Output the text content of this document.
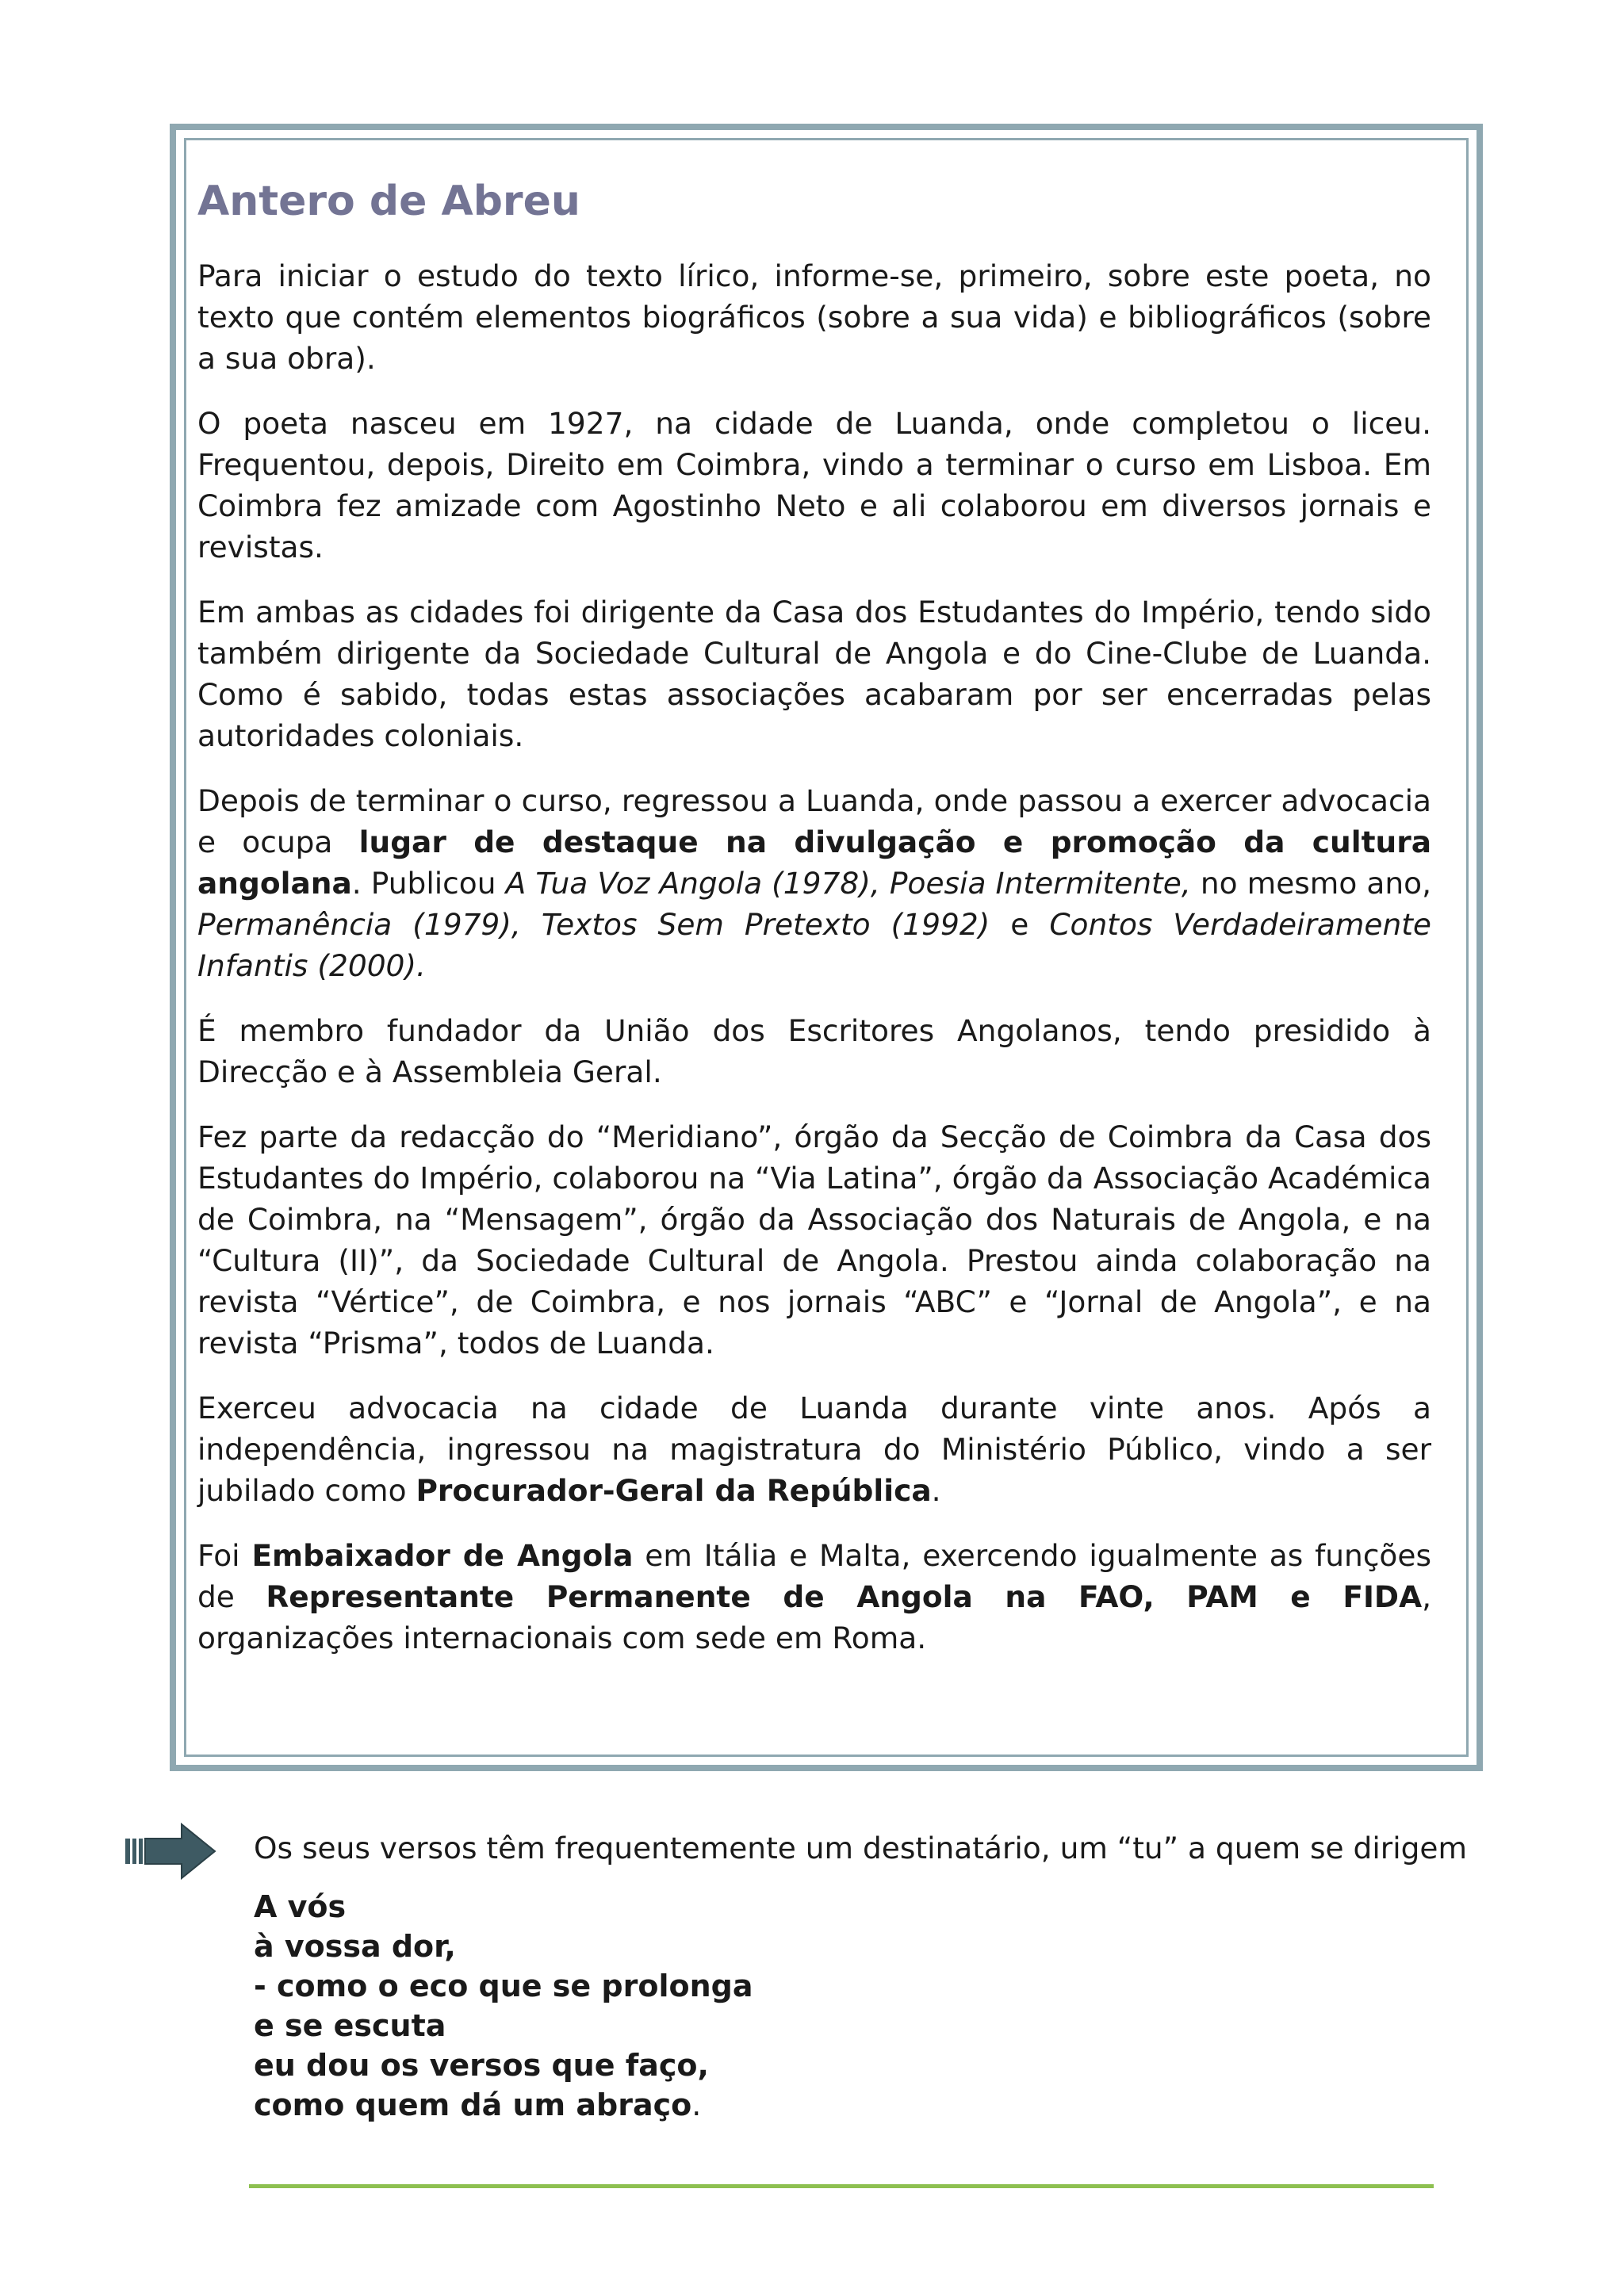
Antero de Abreu

Para iniciar o estudo do texto lírico, informe-se, primeiro, sobre este poeta, no texto que contém elementos biográficos (sobre a sua vida) e bibliográficos (sobre a sua obra).

O poeta nasceu em 1927, na cidade de Luanda, onde completou o liceu. Frequentou, depois, Direito em Coimbra, vindo a terminar o curso em Lisboa. Em Coimbra fez amizade com Agostinho Neto e ali colaborou em diversos jornais e revistas.

Em ambas as cidades foi dirigente da Casa dos Estudantes do Império, tendo sido também dirigente da Sociedade Cultural de Angola e do Cine-Clube de Luanda. Como é sabido, todas estas associações acabaram por ser encerradas pelas autoridades coloniais.

Depois de terminar o curso, regressou a Luanda, onde passou a exercer advocacia e ocupa lugar de destaque na divulgação e promoção da cultura angolana. Publicou A Tua Voz Angola (1978), Poesia Intermitente, no mesmo ano, Permanência (1979), Textos Sem Pretexto (1992) e Contos Verdadeiramente Infantis (2000).

É membro fundador da União dos Escritores Angolanos, tendo presidido à Direcção e à Assembleia Geral.

Fez parte da redacção do “Meridiano”, órgão da Secção de Coimbra da Casa dos Estudantes do Império, colaborou na “Via Latina”, órgão da Associação Académica de Coimbra, na “Mensagem”, órgão da Associação dos Naturais de Angola, e na “Cultura (II)”, da Sociedade Cultural de Angola. Prestou ainda colaboração na revista “Vértice”, de Coimbra, e nos jornais “ABC” e “Jornal de Angola”, e na revista “Prisma”, todos de Luanda.

Exerceu advocacia na cidade de Luanda durante vinte anos. Após a independência, ingressou na magistratura do Ministério Público, vindo a ser jubilado como Procurador-Geral da República.

Foi Embaixador de Angola em Itália e Malta, exercendo igualmente as funções de Representante Permanente de Angola na FAO, PAM e FIDA, organizações internacionais com sede em Roma.

Os seus versos têm frequentemente um destinatário, um “tu” a quem se dirigem
A vós
à vossa dor,
- como o eco que se prolonga
e se escuta
eu dou os versos que faço,
como quem dá um abraço.
